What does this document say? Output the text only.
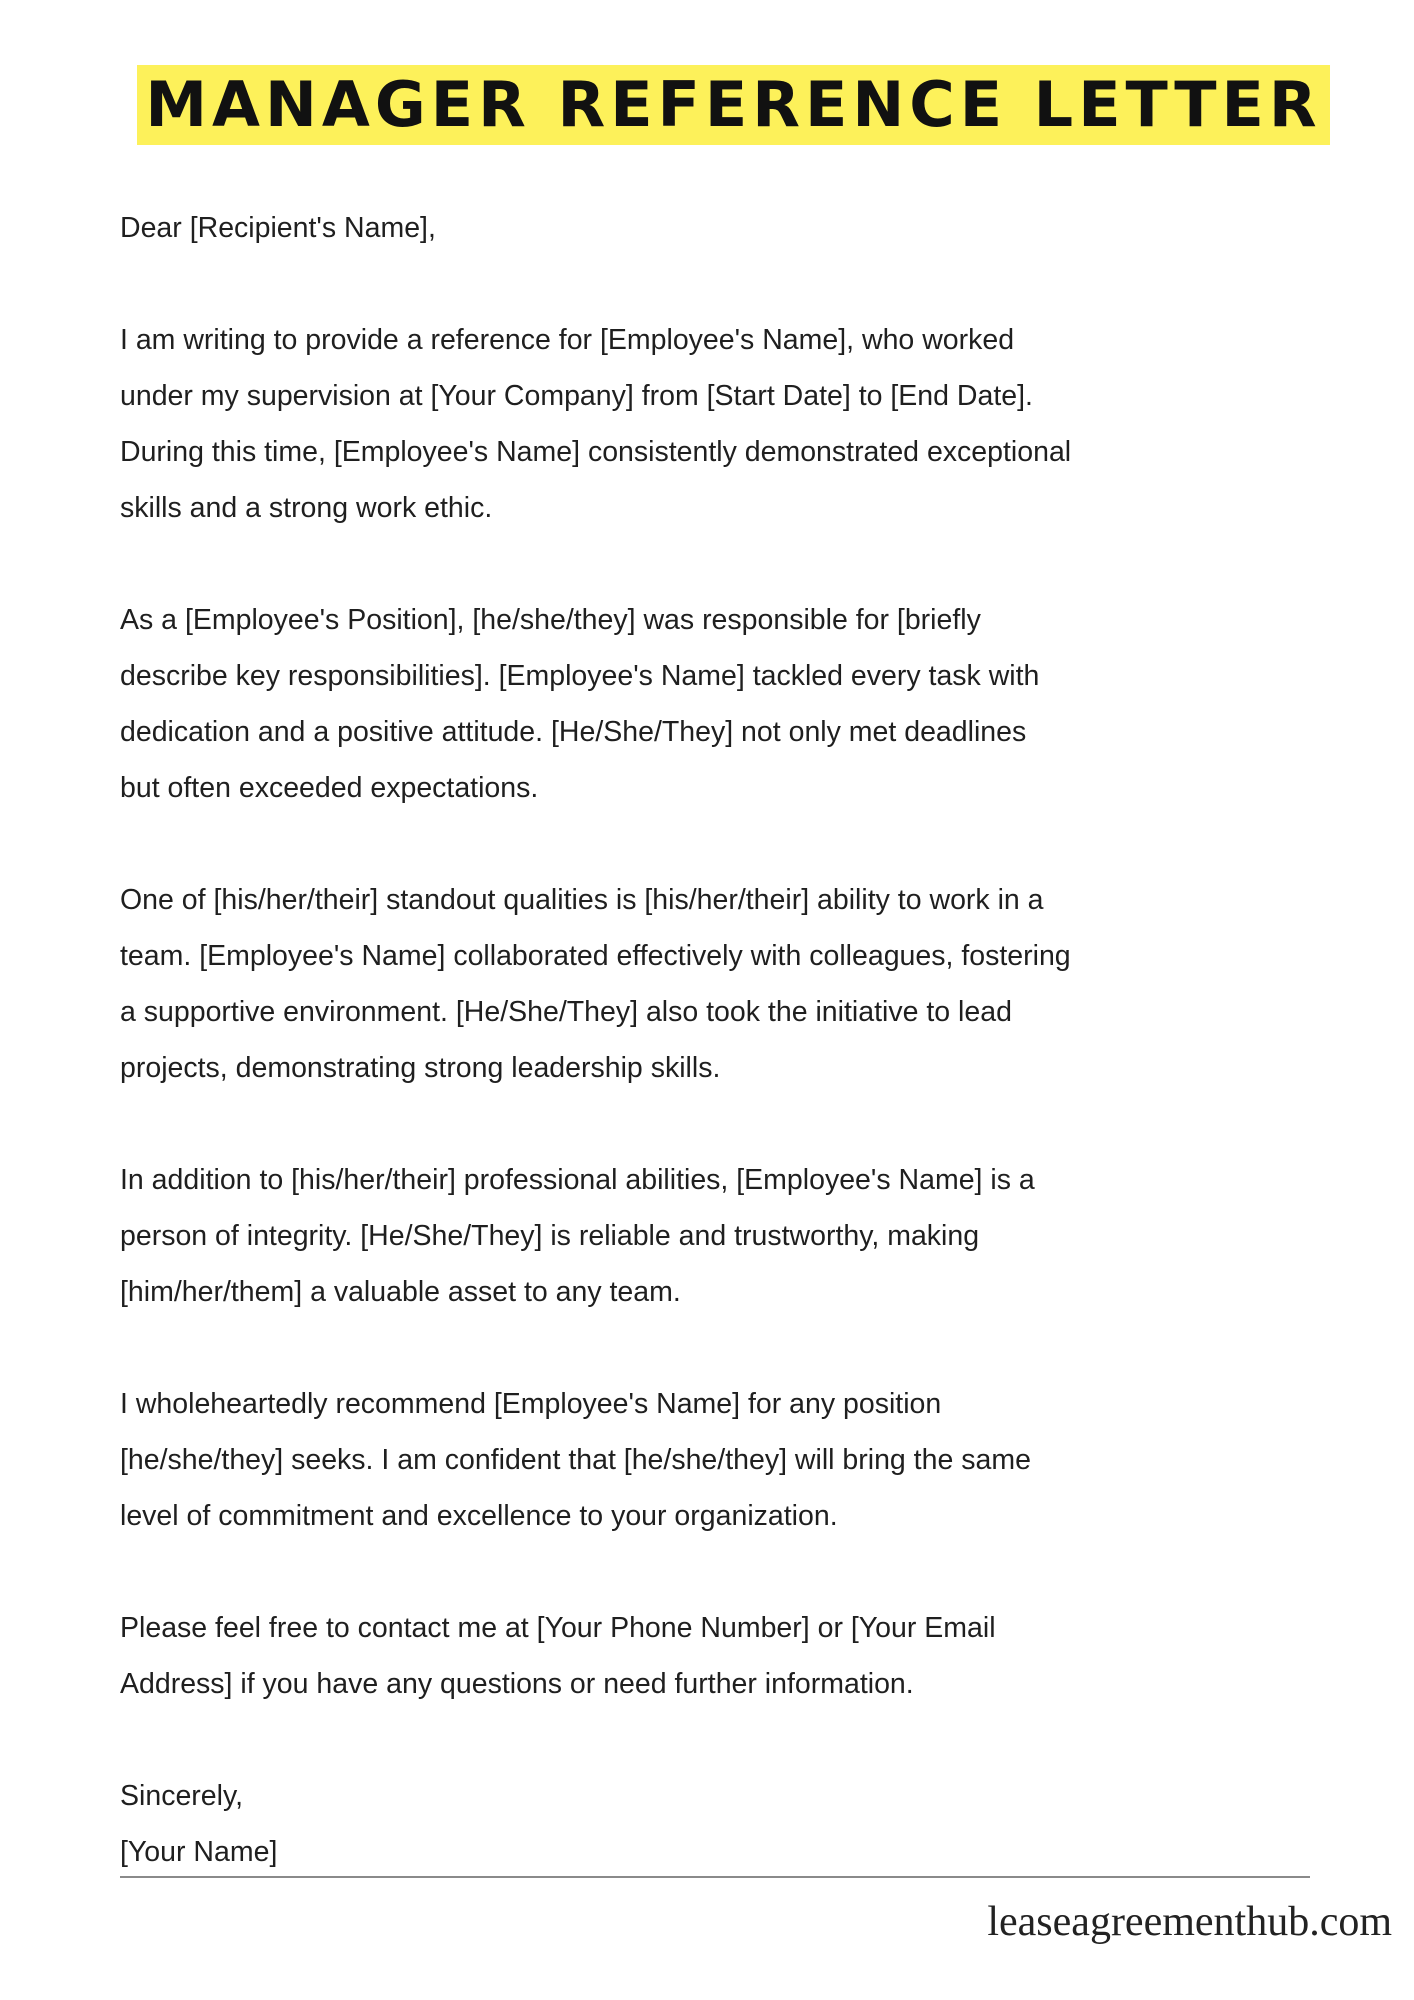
MANAGER REFERENCE LETTER
Dear [Recipient's Name],
I am writing to provide a reference for [Employee's Name], who worked
under my supervision at [Your Company] from [Start Date] to [End Date].
During this time, [Employee's Name] consistently demonstrated exceptional
skills and a strong work ethic.
As a [Employee's Position], [he/she/they] was responsible for [briefly
describe key responsibilities]. [Employee's Name] tackled every task with
dedication and a positive attitude. [He/She/They] not only met deadlines
but often exceeded expectations.
One of [his/her/their] standout qualities is [his/her/their] ability to work in a
team. [Employee's Name] collaborated effectively with colleagues, fostering
a supportive environment. [He/She/They] also took the initiative to lead
projects, demonstrating strong leadership skills.
In addition to [his/her/their] professional abilities, [Employee's Name] is a
person of integrity. [He/She/They] is reliable and trustworthy, making
[him/her/them] a valuable asset to any team.
I wholeheartedly recommend [Employee's Name] for any position
[he/she/they] seeks. I am confident that [he/she/they] will bring the same
level of commitment and excellence to your organization.
Please feel free to contact me at [Your Phone Number] or [Your Email
Address] if you have any questions or need further information.
Sincerely,
[Your Name]
leaseagreementhub.com
